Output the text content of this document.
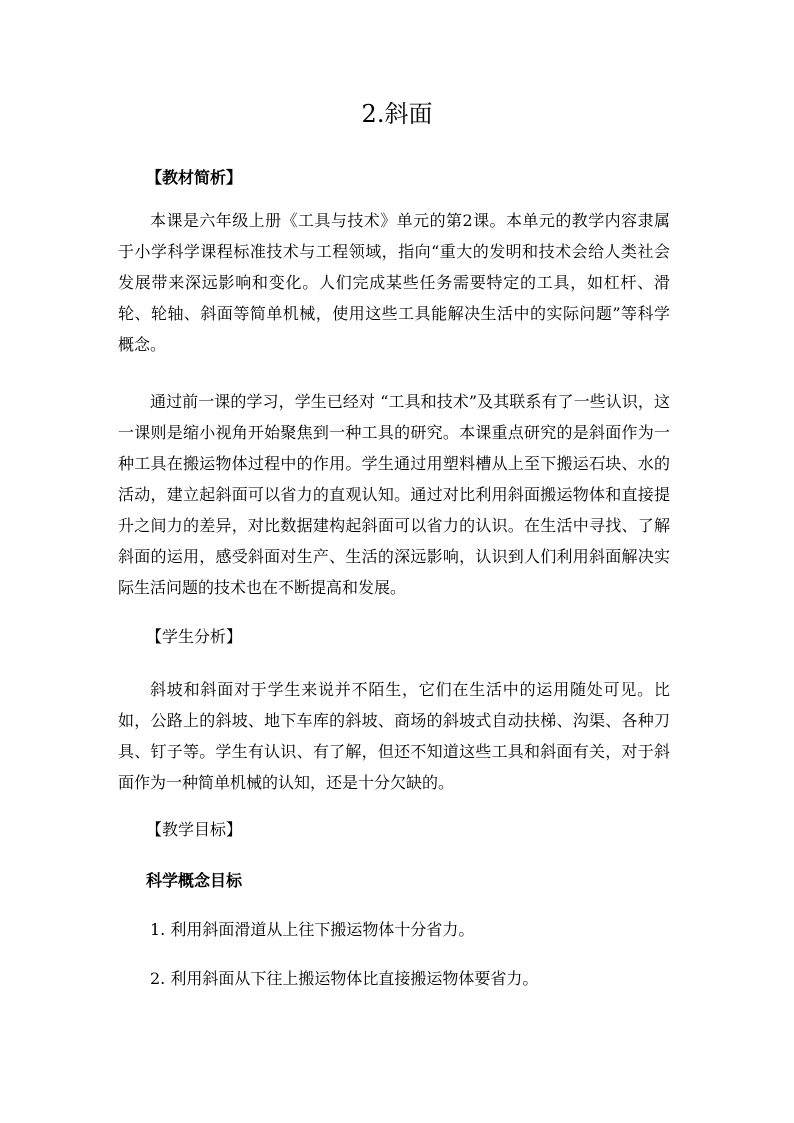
2.斜面

【教材简析】

本课是六年级上册《工具与技术》单元的第2课。本单元的教学内容隶属于小学科学课程标准技术与工程领域，指向“重大的发明和技术会给人类社会发展带来深远影响和变化。人们完成某些任务需要特定的工具，如杠杆、滑轮、轮轴、斜面等简单机械，使用这些工具能解决生活中的实际问题”等科学概念。

通过前一课的学习，学生已经对 “工具和技术”及其联系有了一些认识，这一课则是缩小视角开始聚焦到一种工具的研究。本课重点研究的是斜面作为一种工具在搬运物体过程中的作用。学生通过用塑料槽从上至下搬运石块、水的活动，建立起斜面可以省力的直观认知。通过对比利用斜面搬运物体和直接提升之间力的差异，对比数据建构起斜面可以省力的认识。在生活中寻找、了解斜面的运用，感受斜面对生产、生活的深远影响，认识到人们利用斜面解决实际生活问题的技术也在不断提高和发展。

【学生分析】

斜坡和斜面对于学生来说并不陌生，它们在生活中的运用随处可见。比如，公路上的斜坡、地下车库的斜坡、商场的斜坡式自动扶梯、沟渠、各种刀具、钉子等。学生有认识、有了解，但还不知道这些工具和斜面有关，对于斜面作为一种简单机械的认知，还是十分欠缺的。

【教学目标】

科学概念目标

1. 利用斜面滑道从上往下搬运物体十分省力。

2. 利用斜面从下往上搬运物体比直接搬运物体要省力。
